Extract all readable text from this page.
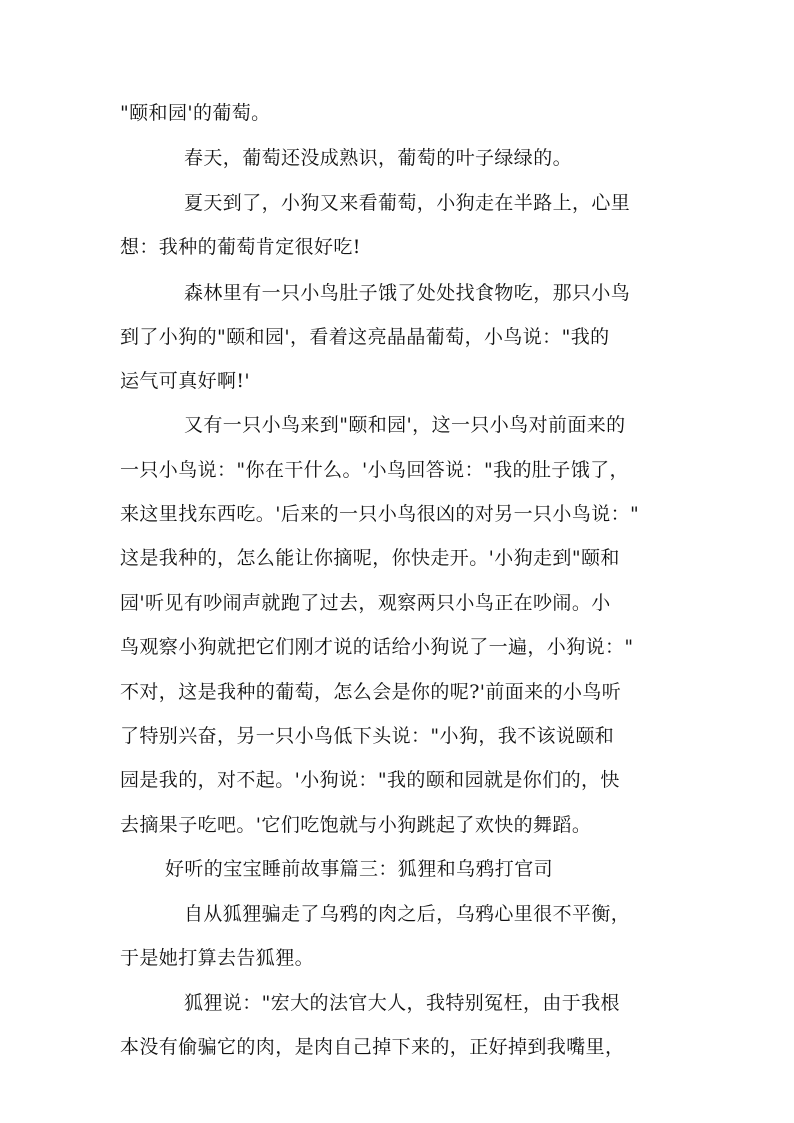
"颐和园'的葡萄。
春天，葡萄还没成熟识，葡萄的叶子绿绿的。
夏天到了，小狗又来看葡萄，小狗走在半路上，心里
想：我种的葡萄肯定很好吃!
森林里有一只小鸟肚子饿了处处找食物吃，那只小鸟
到了小狗的"颐和园'，看着这亮晶晶葡萄，小鸟说："我的
运气可真好啊!'
又有一只小鸟来到"颐和园'，这一只小鸟对前面来的
一只小鸟说："你在干什么。'小鸟回答说："我的肚子饿了，
来这里找东西吃。'后来的一只小鸟很凶的对另一只小鸟说："
这是我种的，怎么能让你摘呢，你快走开。'小狗走到"颐和
园'听见有吵闹声就跑了过去，观察两只小鸟正在吵闹。小
鸟观察小狗就把它们刚才说的话给小狗说了一遍，小狗说："
不对，这是我种的葡萄，怎么会是你的呢?'前面来的小鸟听
了特别兴奋，另一只小鸟低下头说："小狗，我不该说颐和
园是我的，对不起。'小狗说："我的颐和园就是你们的，快
去摘果子吃吧。'它们吃饱就与小狗跳起了欢快的舞蹈。
好听的宝宝睡前故事篇三：狐狸和乌鸦打官司
自从狐狸骗走了乌鸦的肉之后，乌鸦心里很不平衡，
于是她打算去告狐狸。
狐狸说："宏大的法官大人，我特别冤枉，由于我根
本没有偷骗它的肉，是肉自己掉下来的，正好掉到我嘴里，
